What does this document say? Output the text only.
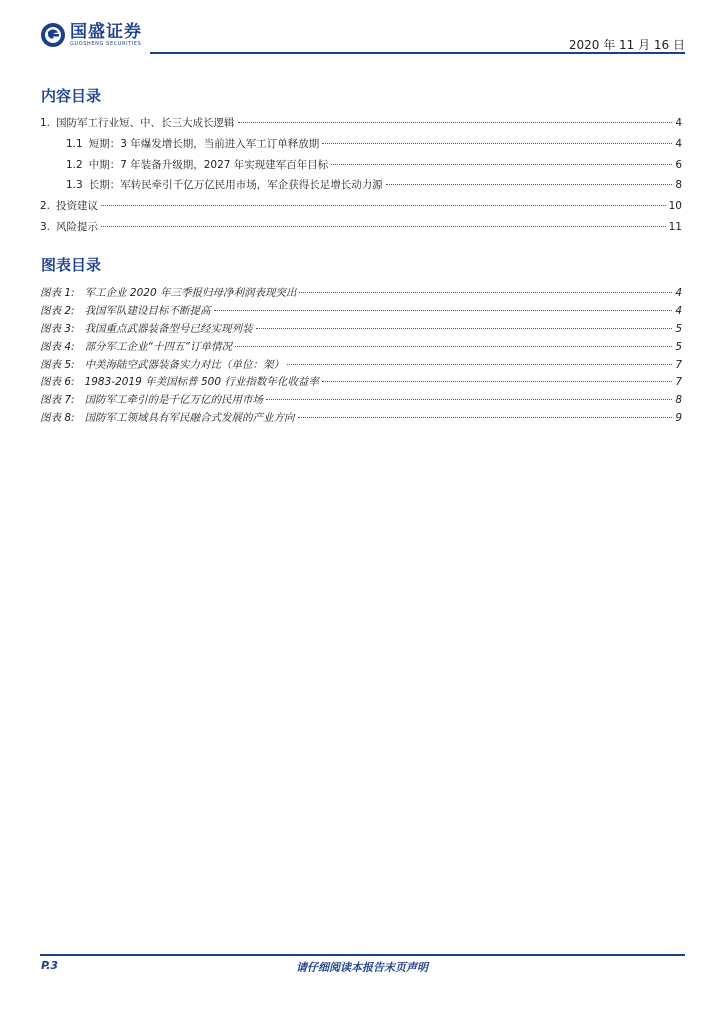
国盛证券
GUOSHENG SECURITIES	2020 年 11 月 16 日
内容目录
1. 国防军工行业短、中、长三大成长逻辑	4
1.1 短期：3 年爆发增长期，当前进入军工订单释放期	4
1.2 中期：7 年装备升级期，2027 年实现建军百年目标	6
1.3 长期：军转民牵引千亿万亿民用市场，军企获得长足增长动力源	8
2. 投资建议	10
3. 风险提示	11
图表目录
图表 1: 军工企业 2020 年三季报归母净利润表现突出	4
图表 2: 我国军队建设目标不断提高	4
图表 3: 我国重点武器装备型号已经实现列装	5
图表 4: 部分军工企业“十四五”订单情况	5
图表 5: 中美海陆空武器装备实力对比（单位：架）	7
图表 6: 1983-2019 年美国标普 500 行业指数年化收益率	7
图表 7: 国防军工牵引的是千亿万亿的民用市场	8
图表 8: 国防军工领域具有军民融合式发展的产业方向	9
请仔细阅读本报告末页声明
P.3
